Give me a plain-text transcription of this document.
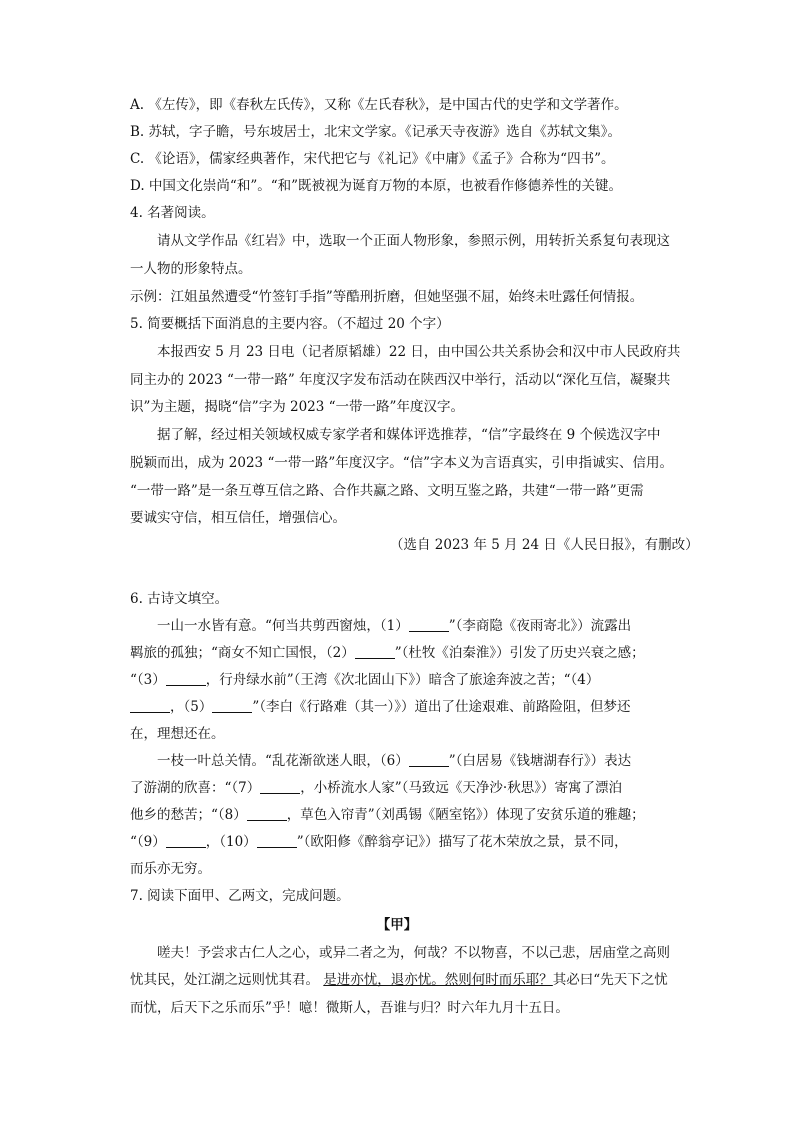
A. 《左传》，即《春秋左氏传》，又称《左氏春秋》，是中国古代的史学和文学著作。
B. 苏轼，字子瞻，号东坡居士，北宋文学家。《记承天寺夜游》选自《苏轼文集》。
C. 《论语》，儒家经典著作，宋代把它与《礼记》《中庸》《孟子》合称为“四书”。
D. 中国文化崇尚“和”。“和”既被视为诞育万物的本原，也被看作修德养性的关键。
4. 名著阅读。
请从文学作品《红岩》中，选取一个正面人物形象，参照示例，用转折关系复句表现这
一人物的形象特点。
示例：江姐虽然遭受“竹签钉手指”等酷刑折磨，但她坚强不屈，始终未吐露任何情报。
5. 简要概括下面消息的主要内容。（不超过 20 个字）
本报西安 5 月 23 日电（记者原韬雄）22 日，由中国公共关系协会和汉中市人民政府共
同主办的 2023 “一带一路” 年度汉字发布活动在陕西汉中举行，活动以“深化互信，凝聚共
识”为主题，揭晓“信”字为 2023 “一带一路”年度汉字。
据了解，经过相关领域权威专家学者和媒体评选推荐，“信”字最终在 9 个候选汉字中
脱颖而出，成为 2023 “一带一路”年度汉字。“信”字本义为言语真实，引申指诚实、信用。
“一带一路”是一条互尊互信之路、合作共赢之路、文明互鉴之路，共建“一带一路”更需
要诚实守信，相互信任，增强信心。
（选自 2023 年 5 月 24 日《人民日报》，有删改）
6. 古诗文填空。
一山一水皆有意。“何当共剪西窗烛，（1）	”（李商隐《夜雨寄北》）流露出
羁旅的孤独；“商女不知亡国恨，（2）	”（杜牧《泊秦淮》）引发了历史兴衰之感；
“（3）	，行舟绿水前”（王湾《次北固山下》）暗含了旅途奔波之苦；“（4）
，（5）	”（李白《行路难（其一）》）道出了仕途艰难、前路险阻，但梦还
在，理想还在。
一枝一叶总关情。“乱花渐欲迷人眼，（6）	”（白居易《钱塘湖春行》）表达
了游湖的欣喜：“（7）	，小桥流水人家”（马致远《天净沙·秋思》）寄寓了漂泊
他乡的愁苦；“（8）	，草色入帘青”（刘禹锡《陋室铭》）体现了安贫乐道的雅趣；
“（9）	，（10）	”（欧阳修《醉翁亭记》）描写了花木荣放之景，景不同，
而乐亦无穷。
7. 阅读下面甲、乙两文，完成问题。
【甲】
嗟夫！予尝求古仁人之心，或异二者之为，何哉？不以物喜，不以己悲，居庙堂之高则
忧其民，处江湖之远则忧其君。 是进亦忧，退亦忧。然则何时而乐耶？其必曰“先天下之忧
而忧，后天下之乐而乐”乎！噫！微斯人，吾谁与归？时六年九月十五日。
